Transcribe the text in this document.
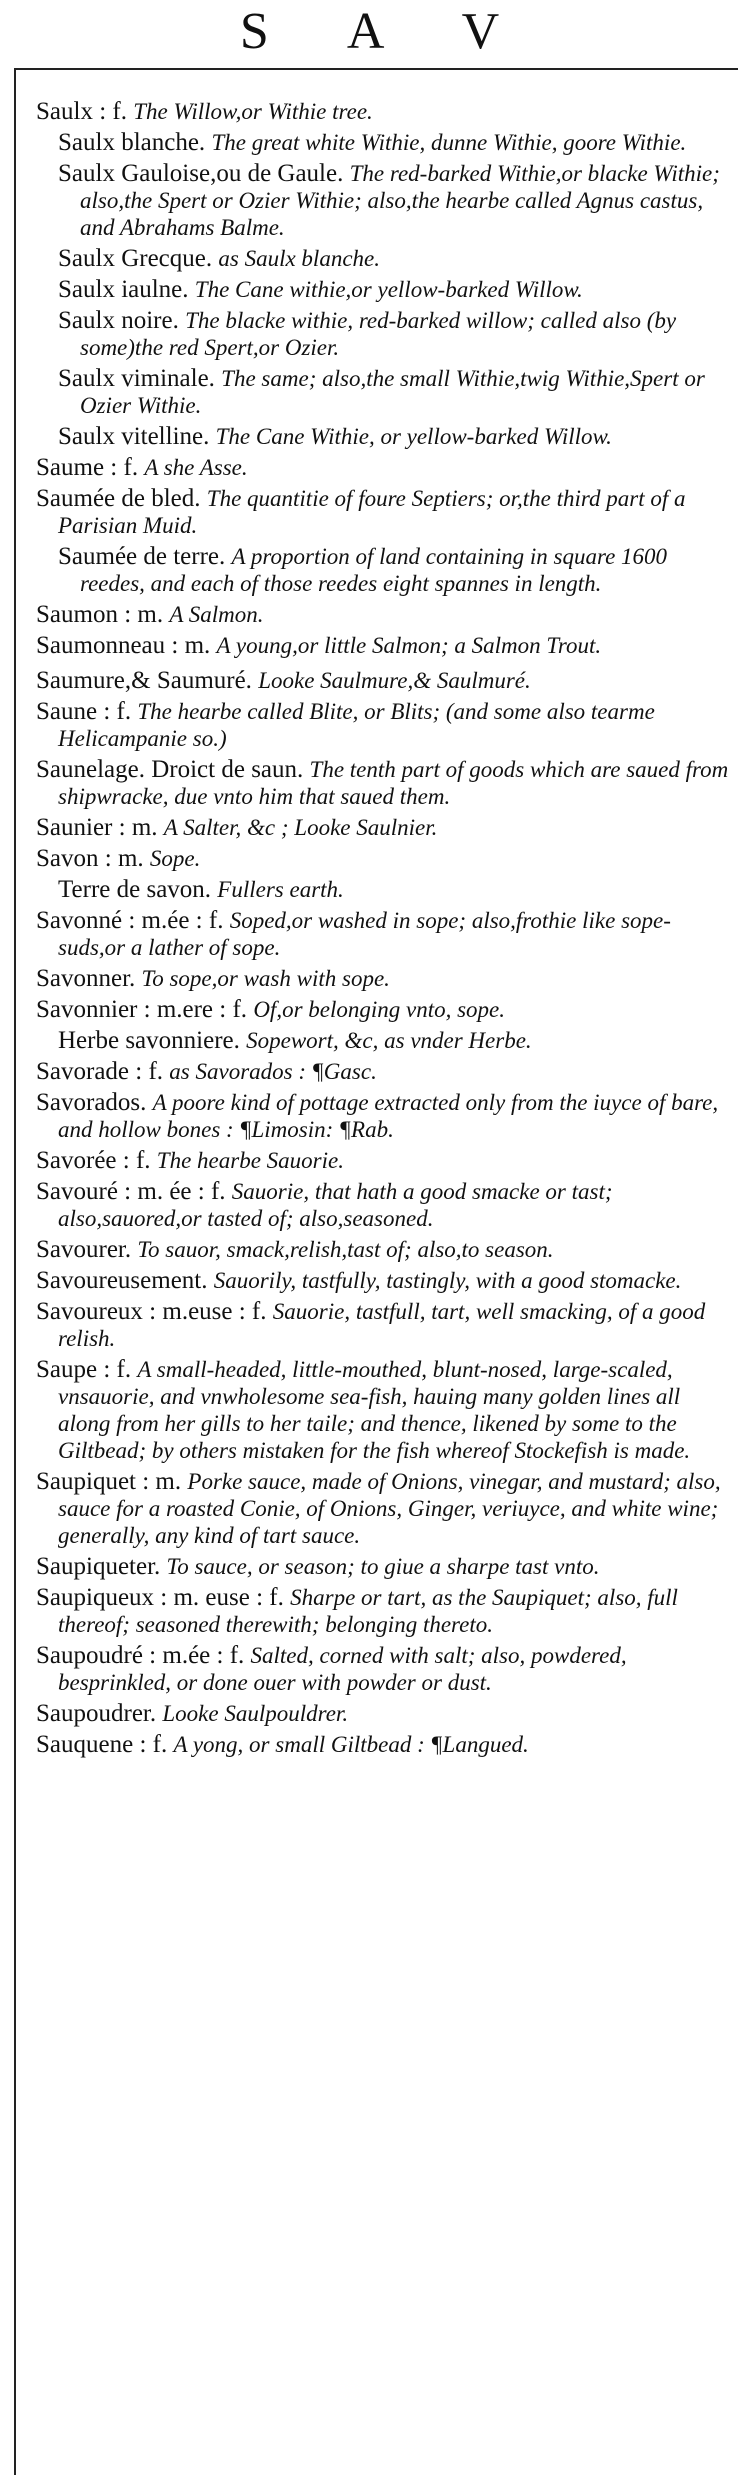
S A V
Saulx : f. The Willow,or Withie tree.
Saulx blanche. The great white Withie, dunne Withie, goore Withie.
Saulx Gauloise,ou de Gaule. The red-barked Withie,or blacke Withie; also,the Spert or Ozier Withie; also,the hearbe called Agnus castus, and Abrahams Balme.
Saulx Grecque. as Saulx blanche.
Saulx iaulne. The Cane withie,or yellow-barked Willow.
Saulx noire. The blacke withie, red-barked willow; called also (by some)the red Spert,or Ozier.
Saulx viminale. The same; also,the small Withie,twig Withie,Spert or Ozier Withie.
Saulx vitelline. The Cane Withie, or yellow-barked Willow.
Saume : f. A she Asse.
Saumée de bled. The quantitie of foure Septiers; or,the third part of a Parisian Muid.
Saumée de terre. A proportion of land containing in square 1600 reedes, and each of those reedes eight spannes in length.
Saumon : m. A Salmon.
Saumonneau : m. A young,or little Salmon; a Salmon Trout.
Saumure,& Saumuré. Looke Saulmure,& Saulmuré.
Saune : f. The hearbe called Blite, or Blits; (and some also tearme Helicampanie so.)
Saunelage. Droict de saun. The tenth part of goods which are saued from shipwracke, due vnto him that saued them.
Saunier : m. A Salter, &c ; Looke Saulnier.
Savon : m. Sope.
Terre de savon. Fullers earth.
Savonné : m.ée : f. Soped,or washed in sope; also,frothie like sope-suds,or a lather of sope.
Savonner. To sope,or wash with sope.
Savonnier : m.ere : f. Of,or belonging vnto, sope.
Herbe savonniere. Sopewort, &c, as vnder Herbe.
Savorade : f. as Savorados : ¶Gasc.
Savorados. A poore kind of pottage extracted only from the iuyce of bare, and hollow bones : ¶Limosin: ¶Rab.
Savorée : f. The hearbe Sauorie.
Savouré : m. ée : f. Sauorie, that hath a good smacke or tast; also,sauored,or tasted of; also,seasoned.
Savourer. To sauor, smack,relish,tast of; also,to season.
Savoureusement. Sauorily, tastfully, tastingly, with a good stomacke.
Savoureux : m.euse : f. Sauorie, tastfull, tart, well smacking, of a good relish.
Saupe : f. A small-headed, little-mouthed, blunt-nosed, large-scaled, vnsauorie, and vnwholesome sea-fish, hauing many golden lines all along from her gills to her taile; and thence, likened by some to the Giltbead; by others mistaken for the fish whereof Stockefish is made.
Saupiquet : m. Porke sauce, made of Onions, vinegar, and mustard; also, sauce for a roasted Conie, of Onions, Ginger, veriuyce, and white wine; generally, any kind of tart sauce.
Saupiqueter. To sauce, or season; to giue a sharpe tast vnto.
Saupiqueux : m. euse : f. Sharpe or tart, as the Saupiquet; also, full thereof; seasoned therewith; belonging thereto.
Saupoudré : m.ée : f. Salted, corned with salt; also, powdered, besprinkled, or done ouer with powder or dust.
Saupoudrer. Looke Saulpouldrer.
Sauquene : f. A yong, or small Giltbead : ¶Langued.
